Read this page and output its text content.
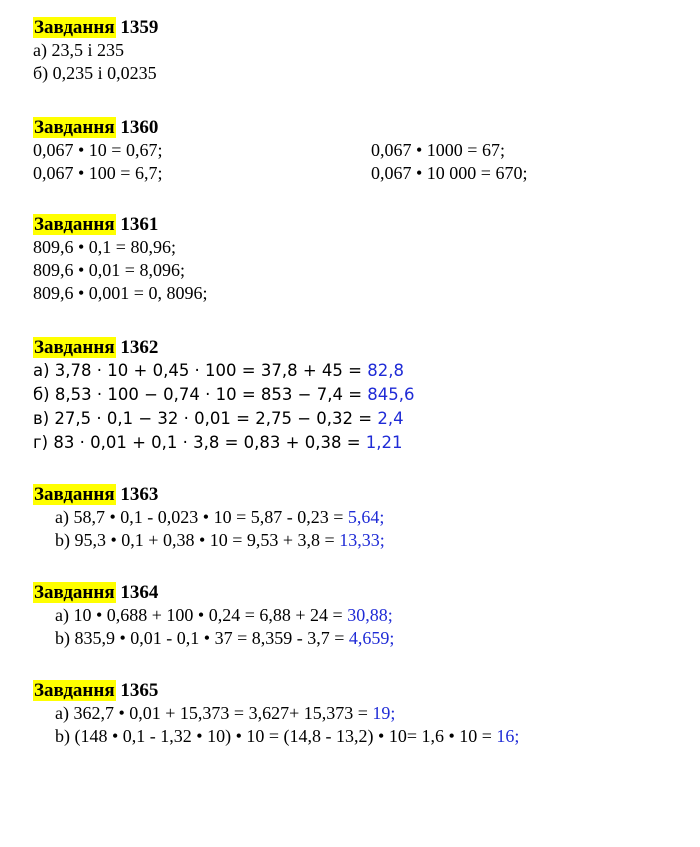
Завдання 1359
а) 23,5 і 235
б) 0,235 і 0,0235
Завдання 1360
0,067 • 10 = 0,67;	0,067 • 1000 = 67;
0,067 • 100 = 6,7;	0,067 • 10 000 = 670;
Завдання 1361
809,6 • 0,1 = 80,96;
809,6 • 0,01 = 8,096;
809,6 • 0,001 = 0, 8096;
Завдання 1362
а) 3,78 · 10 + 0,45 · 100 = 37,8 + 45 = 82,8
б) 8,53 · 100 − 0,74 · 10 = 853 − 7,4 = 845,6
в) 27,5 · 0,1 − 32 · 0,01 = 2,75 − 0,32 = 2,4
г) 83 · 0,01 + 0,1 · 3,8 = 0,83 + 0,38 = 1,21
Завдання 1363
a) 58,7 • 0,1 - 0,023 • 10 = 5,87 - 0,23 = 5,64;
b) 95,3 • 0,1 + 0,38 • 10 = 9,53 + 3,8 = 13,33;
Завдання 1364
a) 10 • 0,688 + 100 • 0,24 = 6,88 + 24 = 30,88;
b) 835,9 • 0,01 - 0,1 • 37 = 8,359 - 3,7 = 4,659;
Завдання 1365
a) 362,7 • 0,01 + 15,373 = 3,627+ 15,373 = 19;
b) (148 • 0,1 - 1,32 • 10) • 10 = (14,8 - 13,2) • 10= 1,6 • 10 = 16;
